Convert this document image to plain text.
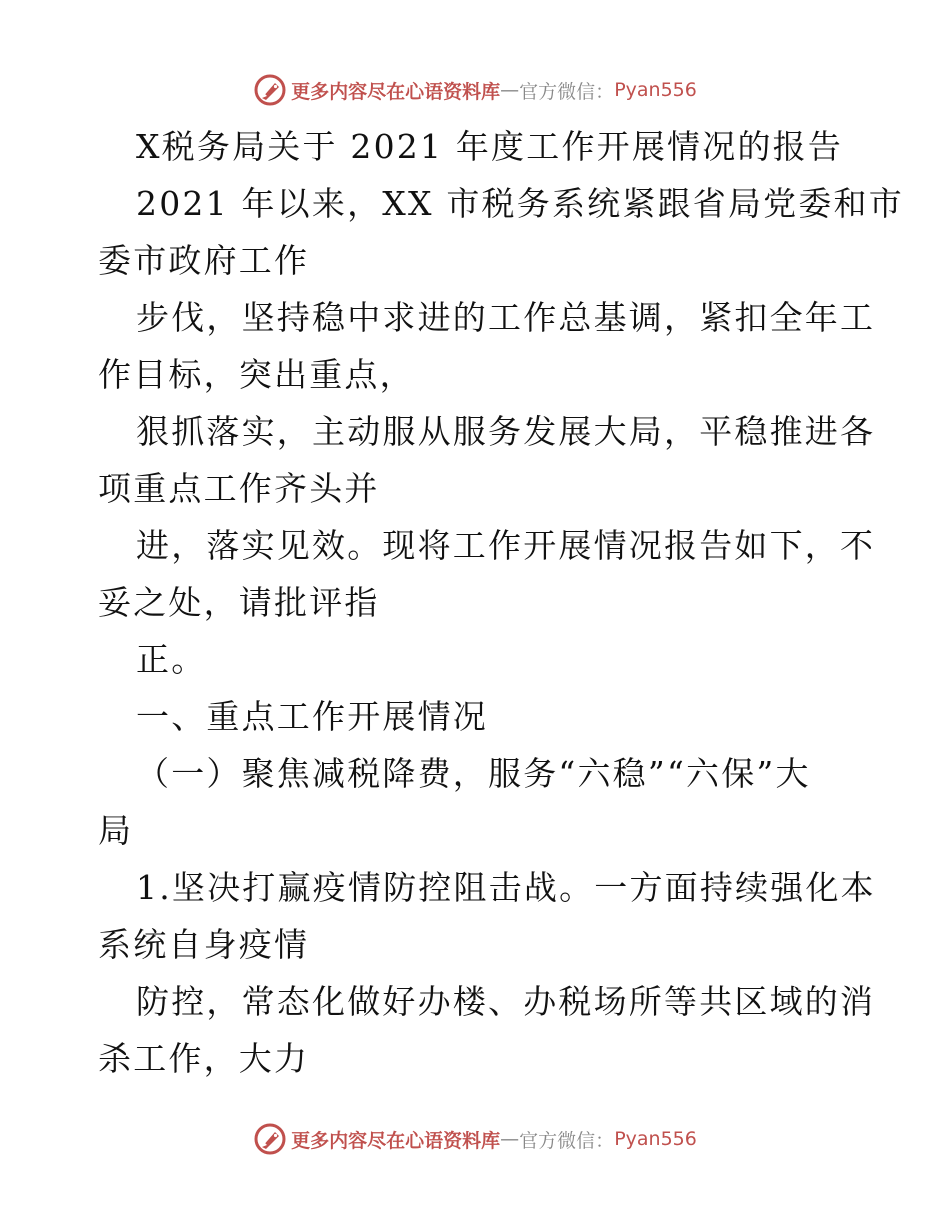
更多内容尽在心语资料库 — 官方微信： Pyan556
X税务局关于 2021 年度工作开展情况的报告
2021 年以来，XX 市税务系统紧跟省局党委和市
委市政府工作
步伐，坚持稳中求进的工作总基调，紧扣全年工
作目标，突出重点，
狠抓落实，主动服从服务发展大局，平稳推进各
项重点工作齐头并
进，落实见效。现将工作开展情况报告如下，不
妥之处，请批评指
正。
一、重点工作开展情况
（一）聚焦减税降费，服务“六稳”“六保”大
局
1.坚决打赢疫情防控阻击战。一方面持续强化本
系统自身疫情
防控，常态化做好办楼、办税场所等共区域的消
杀工作，大力
更多内容尽在心语资料库 — 官方微信： Pyan556
